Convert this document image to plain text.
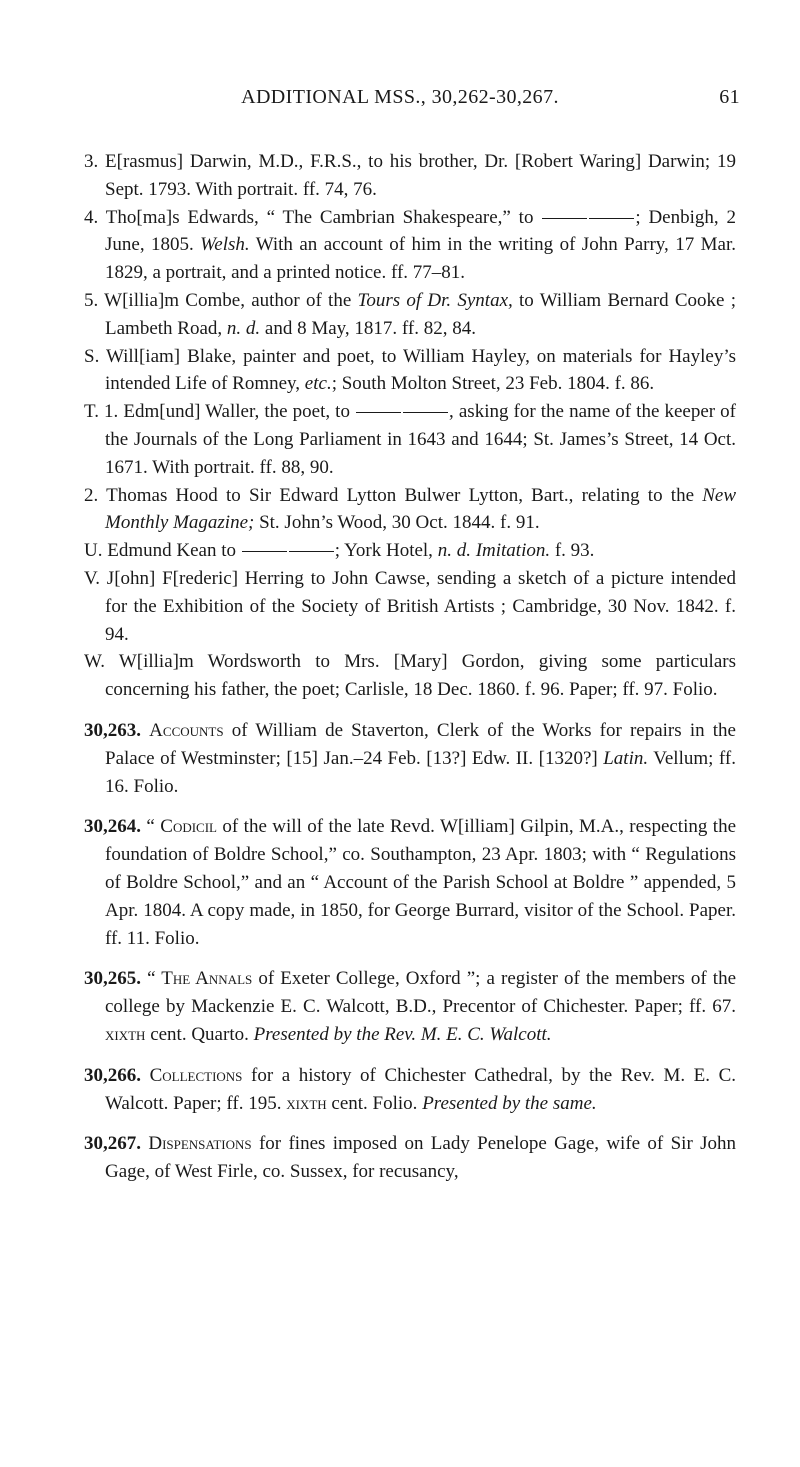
ADDITIONAL MSS., 30,262-30,267.	61

3. E[rasmus] Darwin, M.D., F.R.S., to his brother, Dr. [Robert Waring] Darwin; 19 Sept. 1793. With portrait. ff. 74, 76.

4. Tho[ma]s Edwards, “ The Cambrian Shakespeare,” to	; Denbigh, 2 June, 1805. Welsh. With an account of him in the writing of John Parry, 17 Mar. 1829, a portrait, and a printed notice. ff. 77–81.

5. W[illia]m Combe, author of the Tours of Dr. Syntax, to William Bernard Cooke ; Lambeth Road, n. d. and 8 May, 1817. ff. 82, 84.

S. Will[iam] Blake, painter and poet, to William Hayley, on materials for Hayley’s intended Life of Romney, etc.; South Molton Street, 23 Feb. 1804. f. 86.

T. 1. Edm[und] Waller, the poet, to	, asking for the name of the keeper of the Journals of the Long Parliament in 1643 and 1644; St. James’s Street, 14 Oct. 1671. With portrait. ff. 88, 90.

2. Thomas Hood to Sir Edward Lytton Bulwer Lytton, Bart., relating to the New Monthly Magazine; St. John’s Wood, 30 Oct. 1844. f. 91.

U. Edmund Kean to	; York Hotel, n. d. Imitation. f. 93.

V. J[ohn] F[rederic] Herring to John Cawse, sending a sketch of a picture intended for the Exhibition of the Society of British Artists ; Cambridge, 30 Nov. 1842. f. 94.

W. W[illia]m Wordsworth to Mrs. [Mary] Gordon, giving some particulars concerning his father, the poet; Carlisle, 18 Dec. 1860. f. 96. Paper; ff. 97. Folio.

30,263. Accounts of William de Staverton, Clerk of the Works for repairs in the Palace of Westminster; [15] Jan.–24 Feb. [13?] Edw. II. [1320?] Latin. Vellum; ff. 16. Folio.

30,264. “ Codicil of the will of the late Revd. W[illiam] Gilpin, M.A., respecting the foundation of Boldre School,” co. Southampton, 23 Apr. 1803; with “ Regulations of Boldre School,” and an “ Account of the Parish School at Boldre ” appended, 5 Apr. 1804. A copy made, in 1850, for George Burrard, visitor of the School. Paper. ff. 11. Folio.

30,265. “ The Annals of Exeter College, Oxford ”; a register of the members of the college by Mackenzie E. C. Walcott, B.D., Precentor of Chichester. Paper; ff. 67. xixth cent. Quarto. Presented by the Rev. M. E. C. Walcott.

30,266. Collections for a history of Chichester Cathedral, by the Rev. M. E. C. Walcott. Paper; ff. 195. xixth cent. Folio. Presented by the same.

30,267. Dispensations for fines imposed on Lady Penelope Gage, wife of Sir John Gage, of West Firle, co. Sussex, for recusancy,
